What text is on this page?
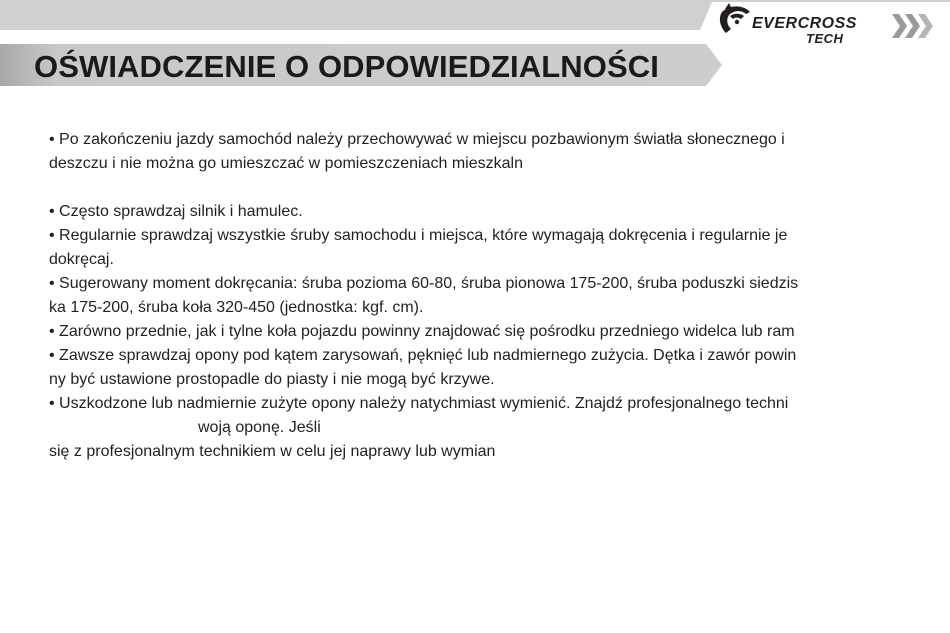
EVERCROSS
TECH
OŚWIADCZENIE O ODPOWIEDZIALNOŚCI
• Po zakończeniu jazdy samochód należy przechowywać w miejscu pozbawionym światła słonecznego i
deszczu i nie można go umieszczać w pomieszczeniach mieszkaln
• Często sprawdzaj silnik i hamulec.
• Regularnie sprawdzaj wszystkie śruby samochodu i miejsca, które wymagają dokręcenia i regularnie je
dokręcaj.
• Sugerowany moment dokręcania: śruba pozioma 60-80, śruba pionowa 175-200, śruba poduszki siedzis
ka 175-200, śruba koła 320-450 (jednostka: kgf. cm).
• Zarówno przednie, jak i tylne koła pojazdu powinny znajdować się pośrodku przedniego widelca lub ram
• Zawsze sprawdzaj opony pod kątem zarysowań, pęknięć lub nadmiernego zużycia. Dętka i zawór powin
ny być ustawione prostopadle do piasty i nie mogą być krzywe.
• Uszkodzone lub nadmiernie zużyte opony należy natychmiast wymienić. Znajdź profesjonalnego techni
woją oponę. Jeśli
się z profesjonalnym technikiem w celu jej naprawy lub wymian
